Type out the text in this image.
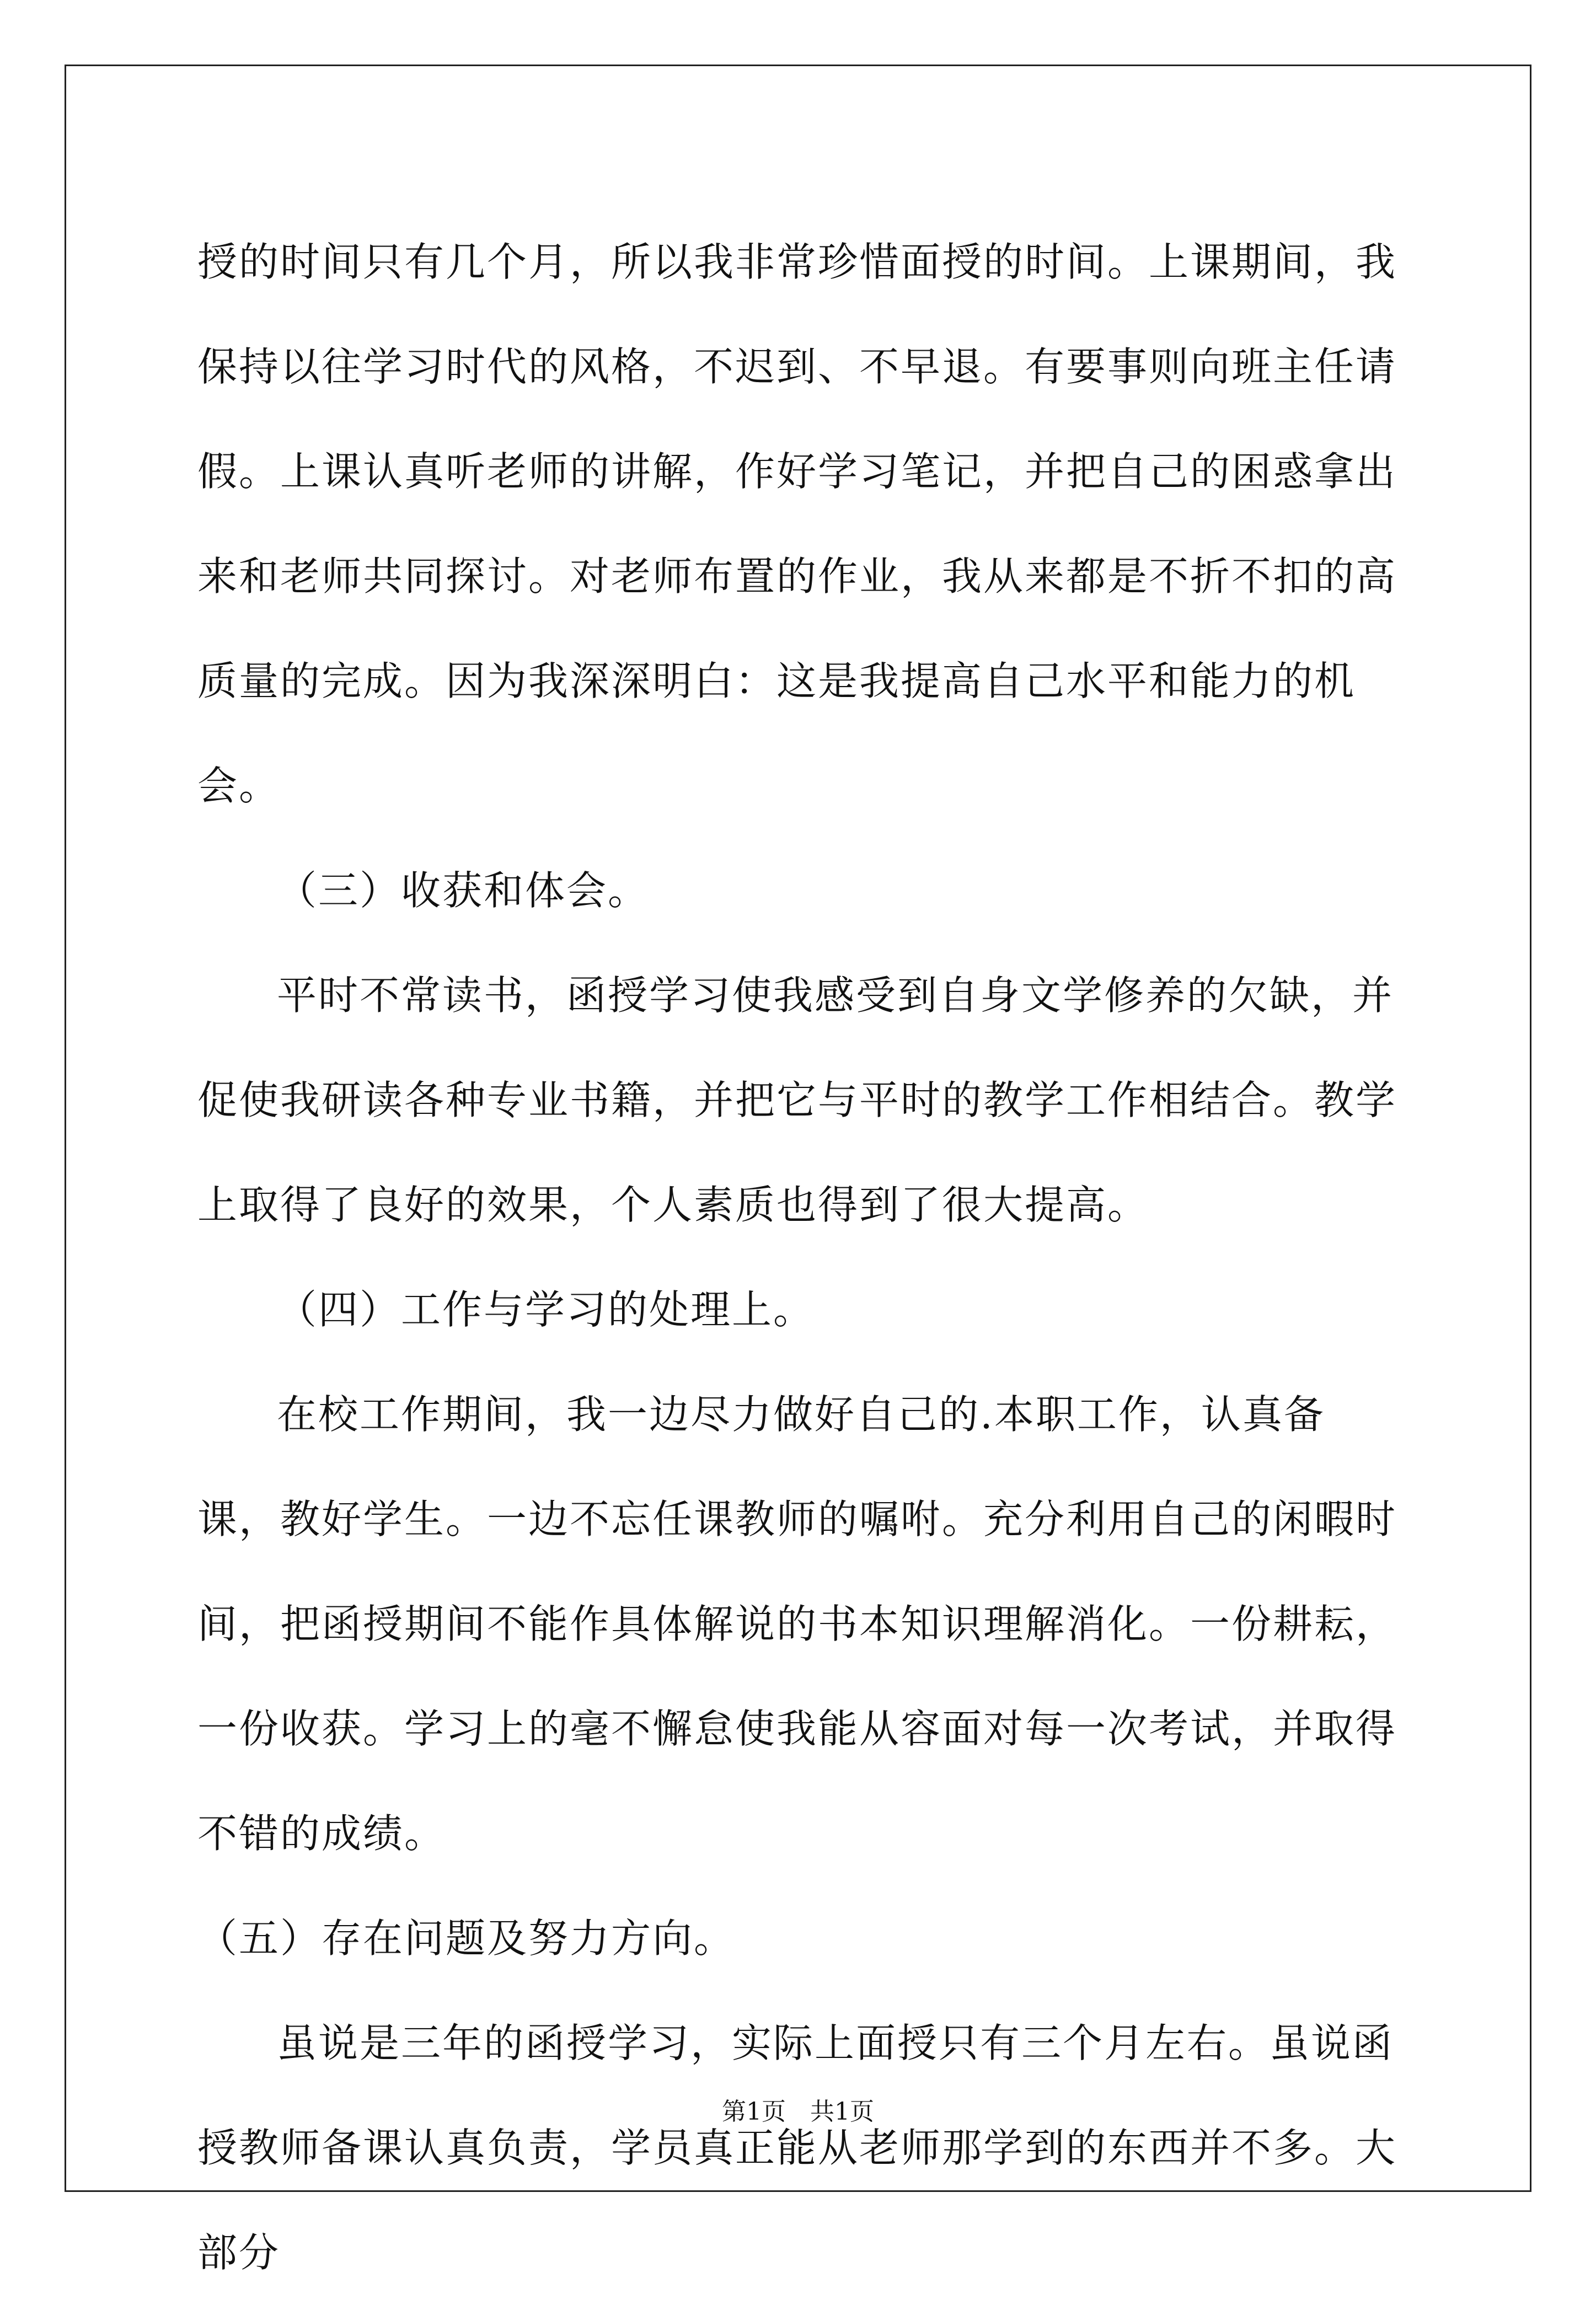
授的时间只有几个月，所以我非常珍惜面授的时间。上课期间，我保持以往学习时代的风格，不迟到、不早退。有要事则向班主任请假。上课认真听老师的讲解，作好学习笔记，并把自己的困惑拿出来和老师共同探讨。对老师布置的作业，我从来都是不折不扣的高质量的完成。因为我深深明白：这是我提高自己水平和能力的机会。

（三）收获和体会。

平时不常读书，函授学习使我感受到自身文学修养的欠缺，并促使我研读各种专业书籍，并把它与平时的教学工作相结合。教学上取得了良好的效果，个人素质也得到了很大提高。

（四）工作与学习的处理上。

在校工作期间，我一边尽力做好自己的.本职工作，认真备课，教好学生。一边不忘任课教师的嘱咐。充分利用自己的闲暇时间，把函授期间不能作具体解说的书本知识理解消化。一份耕耘，一份收获。学习上的毫不懈怠使我能从容面对每一次考试，并取得不错的成绩。

（五）存在问题及努力方向。

虽说是三年的函授学习，实际上面授只有三个月左右。虽说函授教师备课认真负责，学员真正能从老师那学到的东西并不多。大部分

第1页　共1页
